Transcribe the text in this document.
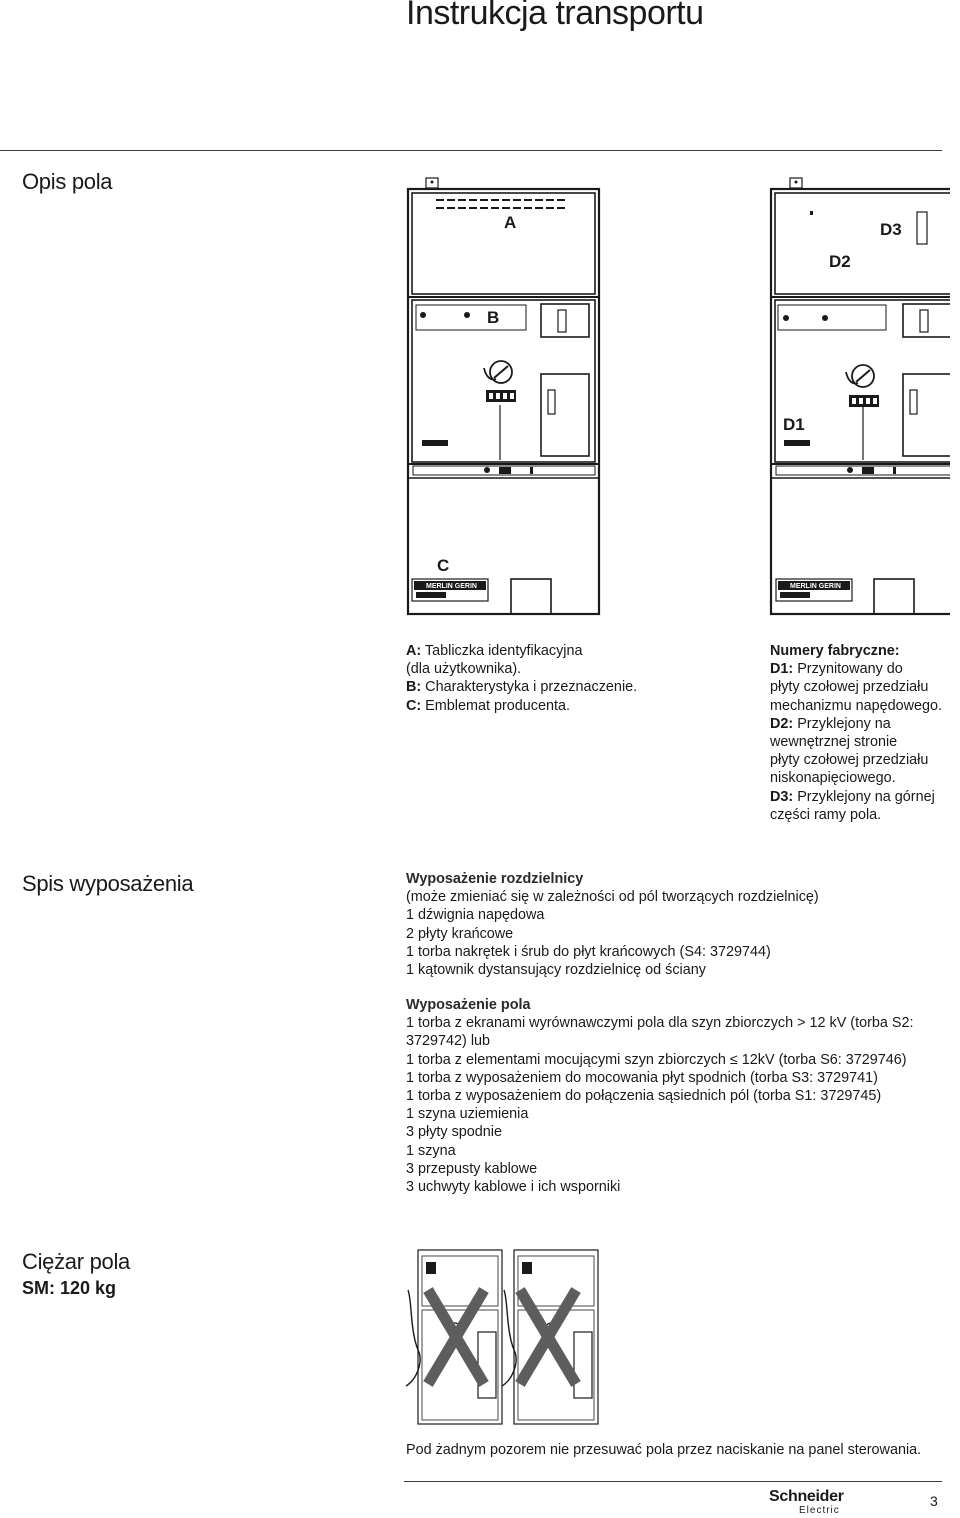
Instrukcja transportu
Opis pola
A
B
C
D3
D2
D1
MERLIN GERIN	MERLIN GERIN
A: Tabliczka identyfikacyjna
(dla użytkownika).
B: Charakterystyka i przeznaczenie.
C: Emblemat producenta.
Numery fabryczne:
D1: Przynitowany do
płyty czołowej przedziału
mechanizmu napędowego.
D2: Przyklejony na
wewnętrznej stronie
płyty czołowej przedziału
niskonapięciowego.
D3: Przyklejony na górnej
części ramy pola.
Spis wyposażenia	Wyposażenie rozdzielnicy
(może zmieniać się w zależności od pól tworzących rozdzielnicę)
1 dźwignia napędowa
2 płyty krańcowe
1 torba nakrętek i śrub do płyt krańcowych (S4: 3729744)
1 kątownik dystansujący rozdzielnicę od ściany
Wyposażenie pola
1 torba z ekranami wyrównawczymi pola dla szyn zbiorczych > 12 kV (torba S2:
3729742) lub
1 torba z elementami mocującymi szyn zbiorczych ≤ 12kV (torba S6: 3729746)
1 torba z wyposażeniem do mocowania płyt spodnich (torba S3: 3729741)
1 torba z wyposażeniem do połączenia sąsiednich pól (torba S1: 3729745)
1 szyna uziemienia
3 płyty spodnie
1 szyna
3 przepusty kablowe
3 uchwyty kablowe i ich wsporniki
Ciężar pola
SM: 120 kg
Pod żadnym pozorem nie przesuwać pola przez naciskanie na panel sterowania.
Schneider
Electric
3
